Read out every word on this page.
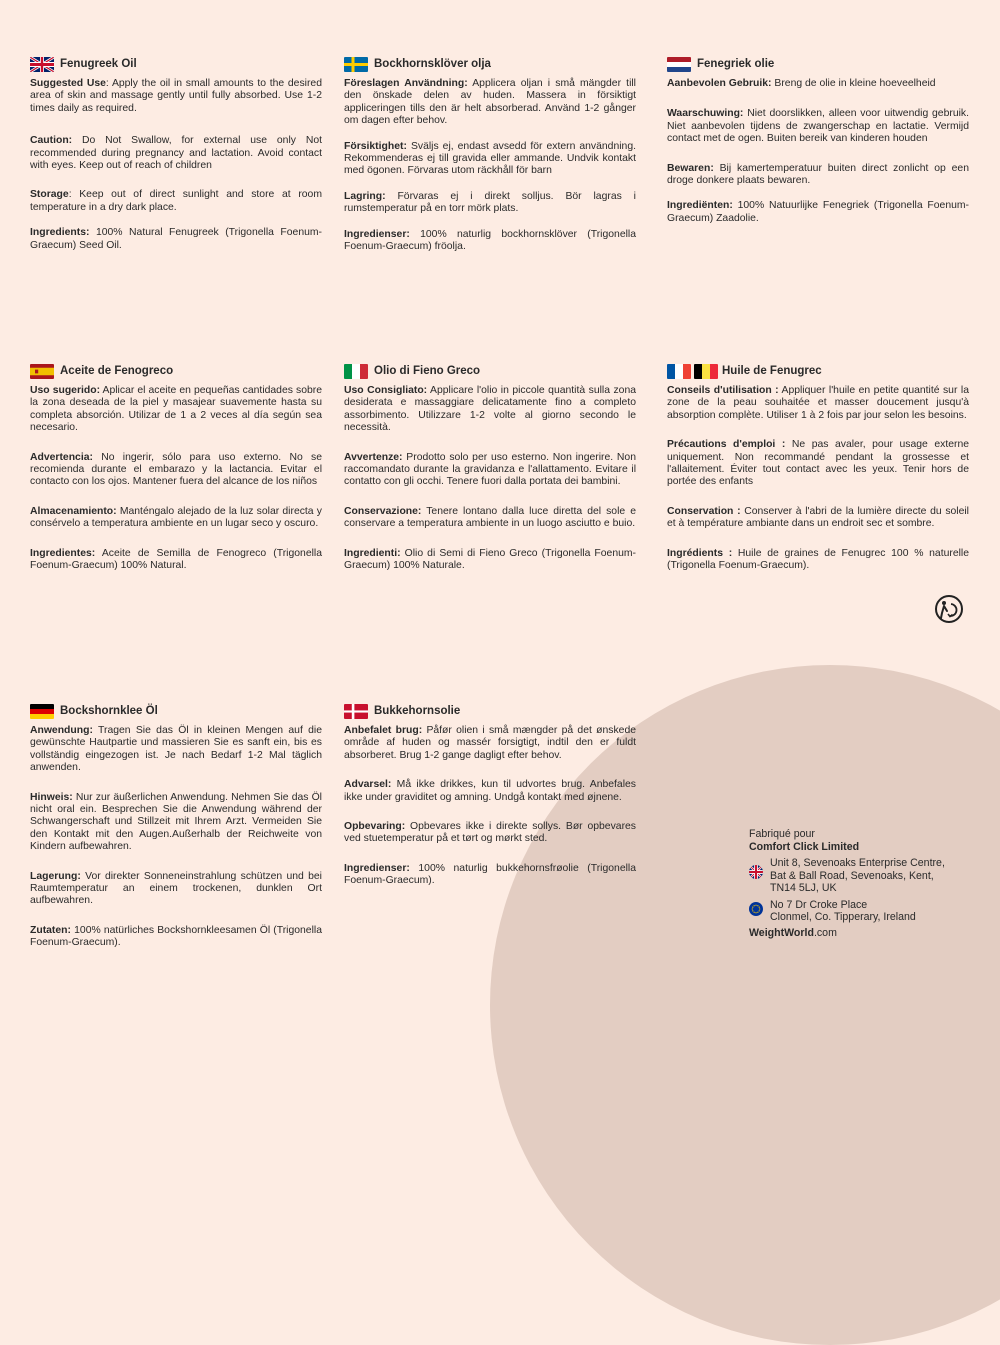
Fenugreek Oil

Suggested Use: Apply the oil in small amounts to the desired area of skin and massage gently until fully absorbed. Use 1-2 times daily as required.

Caution: Do Not Swallow, for external use only Not recommended during pregnancy and lactation. Avoid contact with eyes. Keep out of reach of children

Storage: Keep out of direct sunlight and store at room temperature in a dry dark place.

Ingredients: 100% Natural Fenugreek (Trigonella Foenum-Graecum) Seed Oil.

Bockhornsklöver olja

Föreslagen Användning: Applicera oljan i små mängder till den önskade delen av huden. Massera in försiktigt appliceringen tills den är helt absorberad. Använd 1-2 gånger om dagen efter behov.

Försiktighet: Sväljs ej, endast avsedd för extern användning. Rekommenderas ej till gravida eller ammande. Undvik kontakt med ögonen. Förvaras utom räckhåll för barn

Lagring: Förvaras ej i direkt solljus. Bör lagras i rumstemperatur på en torr mörk plats.

Ingredienser: 100% naturlig bockhornsklöver (Trigonella Foenum-Graecum) fröolja.

Fenegriek olie

Aanbevolen Gebruik: Breng de olie in kleine hoeveelheid

Waarschuwing: Niet doorslikken, alleen voor uitwendig gebruik. Niet aanbevolen tijdens de zwangerschap en lactatie. Vermijd contact met de ogen. Buiten bereik van kinderen houden

Bewaren: Bij kamertemperatuur buiten direct zonlicht op een droge donkere plaats bewaren.

Ingrediënten: 100% Natuurlijke Fenegriek (Trigonella Foenum-Graecum) Zaadolie.

Aceite de Fenogreco

Uso sugerido: Aplicar el aceite en pequeñas cantidades sobre la zona deseada de la piel y masajear suavemente hasta su completa absorción. Utilizar de 1 a 2 veces al día según sea necesario.

Advertencia: No ingerir, sólo para uso externo. No se recomienda durante el embarazo y la lactancia. Evitar el contacto con los ojos. Mantener fuera del alcance de los niños

Almacenamiento: Manténgalo alejado de la luz solar directa y consérvelo a temperatura ambiente en un lugar seco y oscuro.

Ingredientes: Aceite de Semilla de Fenogreco (Trigonella Foenum-Graecum) 100% Natural.

Olio di Fieno Greco

Uso Consigliato: Applicare l'olio in piccole quantità sulla zona desiderata e massaggiare delicatamente fino a completo assorbimento. Utilizzare 1-2 volte al giorno secondo le necessità.

Avvertenze: Prodotto solo per uso esterno. Non ingerire. Non raccomandato durante la gravidanza e l'allattamento. Evitare il contatto con gli occhi. Tenere fuori dalla portata dei bambini.

Conservazione: Tenere lontano dalla luce diretta del sole e conservare a temperatura ambiente in un luogo asciutto e buio.

Ingredienti: Olio di Semi di Fieno Greco (Trigonella Foenum-Graecum) 100% Naturale.

Huile de Fenugrec

Conseils d'utilisation : Appliquer l'huile en petite quantité sur la zone de la peau souhaitée et masser doucement jusqu'à absorption complète. Utiliser 1 à 2 fois par jour selon les besoins.

Précautions d'emploi : Ne pas avaler, pour usage externe uniquement. Non recommandé pendant la grossesse et l'allaitement. Éviter tout contact avec les yeux. Tenir hors de portée des enfants

Conservation : Conserver à l'abri de la lumière directe du soleil et à température ambiante dans un endroit sec et sombre.

Ingrédients : Huile de graines de Fenugrec 100 % naturelle (Trigonella Foenum-Graecum).

Bockshornklee Öl

Anwendung: Tragen Sie das Öl in kleinen Mengen auf die gewünschte Hautpartie und massieren Sie es sanft ein, bis es vollständig eingezogen ist. Je nach Bedarf 1-2 Mal täglich anwenden.

Hinweis: Nur zur äußerlichen Anwendung. Nehmen Sie das Öl nicht oral ein. Besprechen Sie die Anwendung während der Schwangerschaft und Stillzeit mit Ihrem Arzt. Vermeiden Sie den Kontakt mit den Augen.Außerhalb der Reichweite von Kindern aufbewahren.

Lagerung: Vor direkter Sonneneinstrahlung schützen und bei Raumtemperatur an einem trockenen, dunklen Ort aufbewahren.

Zutaten: 100% natürliches Bockshornkleesamen Öl (Trigonella Foenum-Graecum).

Bukkehornsolie

Anbefalet brug: Påfør olien i små mængder på det ønskede område af huden og massér forsigtigt, indtil den er fuldt absorberet. Brug 1-2 gange dagligt efter behov.

Advarsel: Må ikke drikkes, kun til udvortes brug. Anbefales ikke under graviditet og amning. Undgå kontakt med øjnene.

Opbevaring: Opbevares ikke i direkte sollys. Bør opbevares ved stuetemperatur på et tørt og mørkt sted.

Ingredienser: 100% naturlig bukkehornsfrøolie (Trigonella Foenum-Graecum).

Fabriqué pour
Comfort Click Limited
Unit 8, Sevenoaks Enterprise Centre,
Bat & Ball Road, Sevenoaks, Kent,
TN14 5LJ, UK
No 7 Dr Croke Place
Clonmel, Co. Tipperary, Ireland
WeightWorld.com
